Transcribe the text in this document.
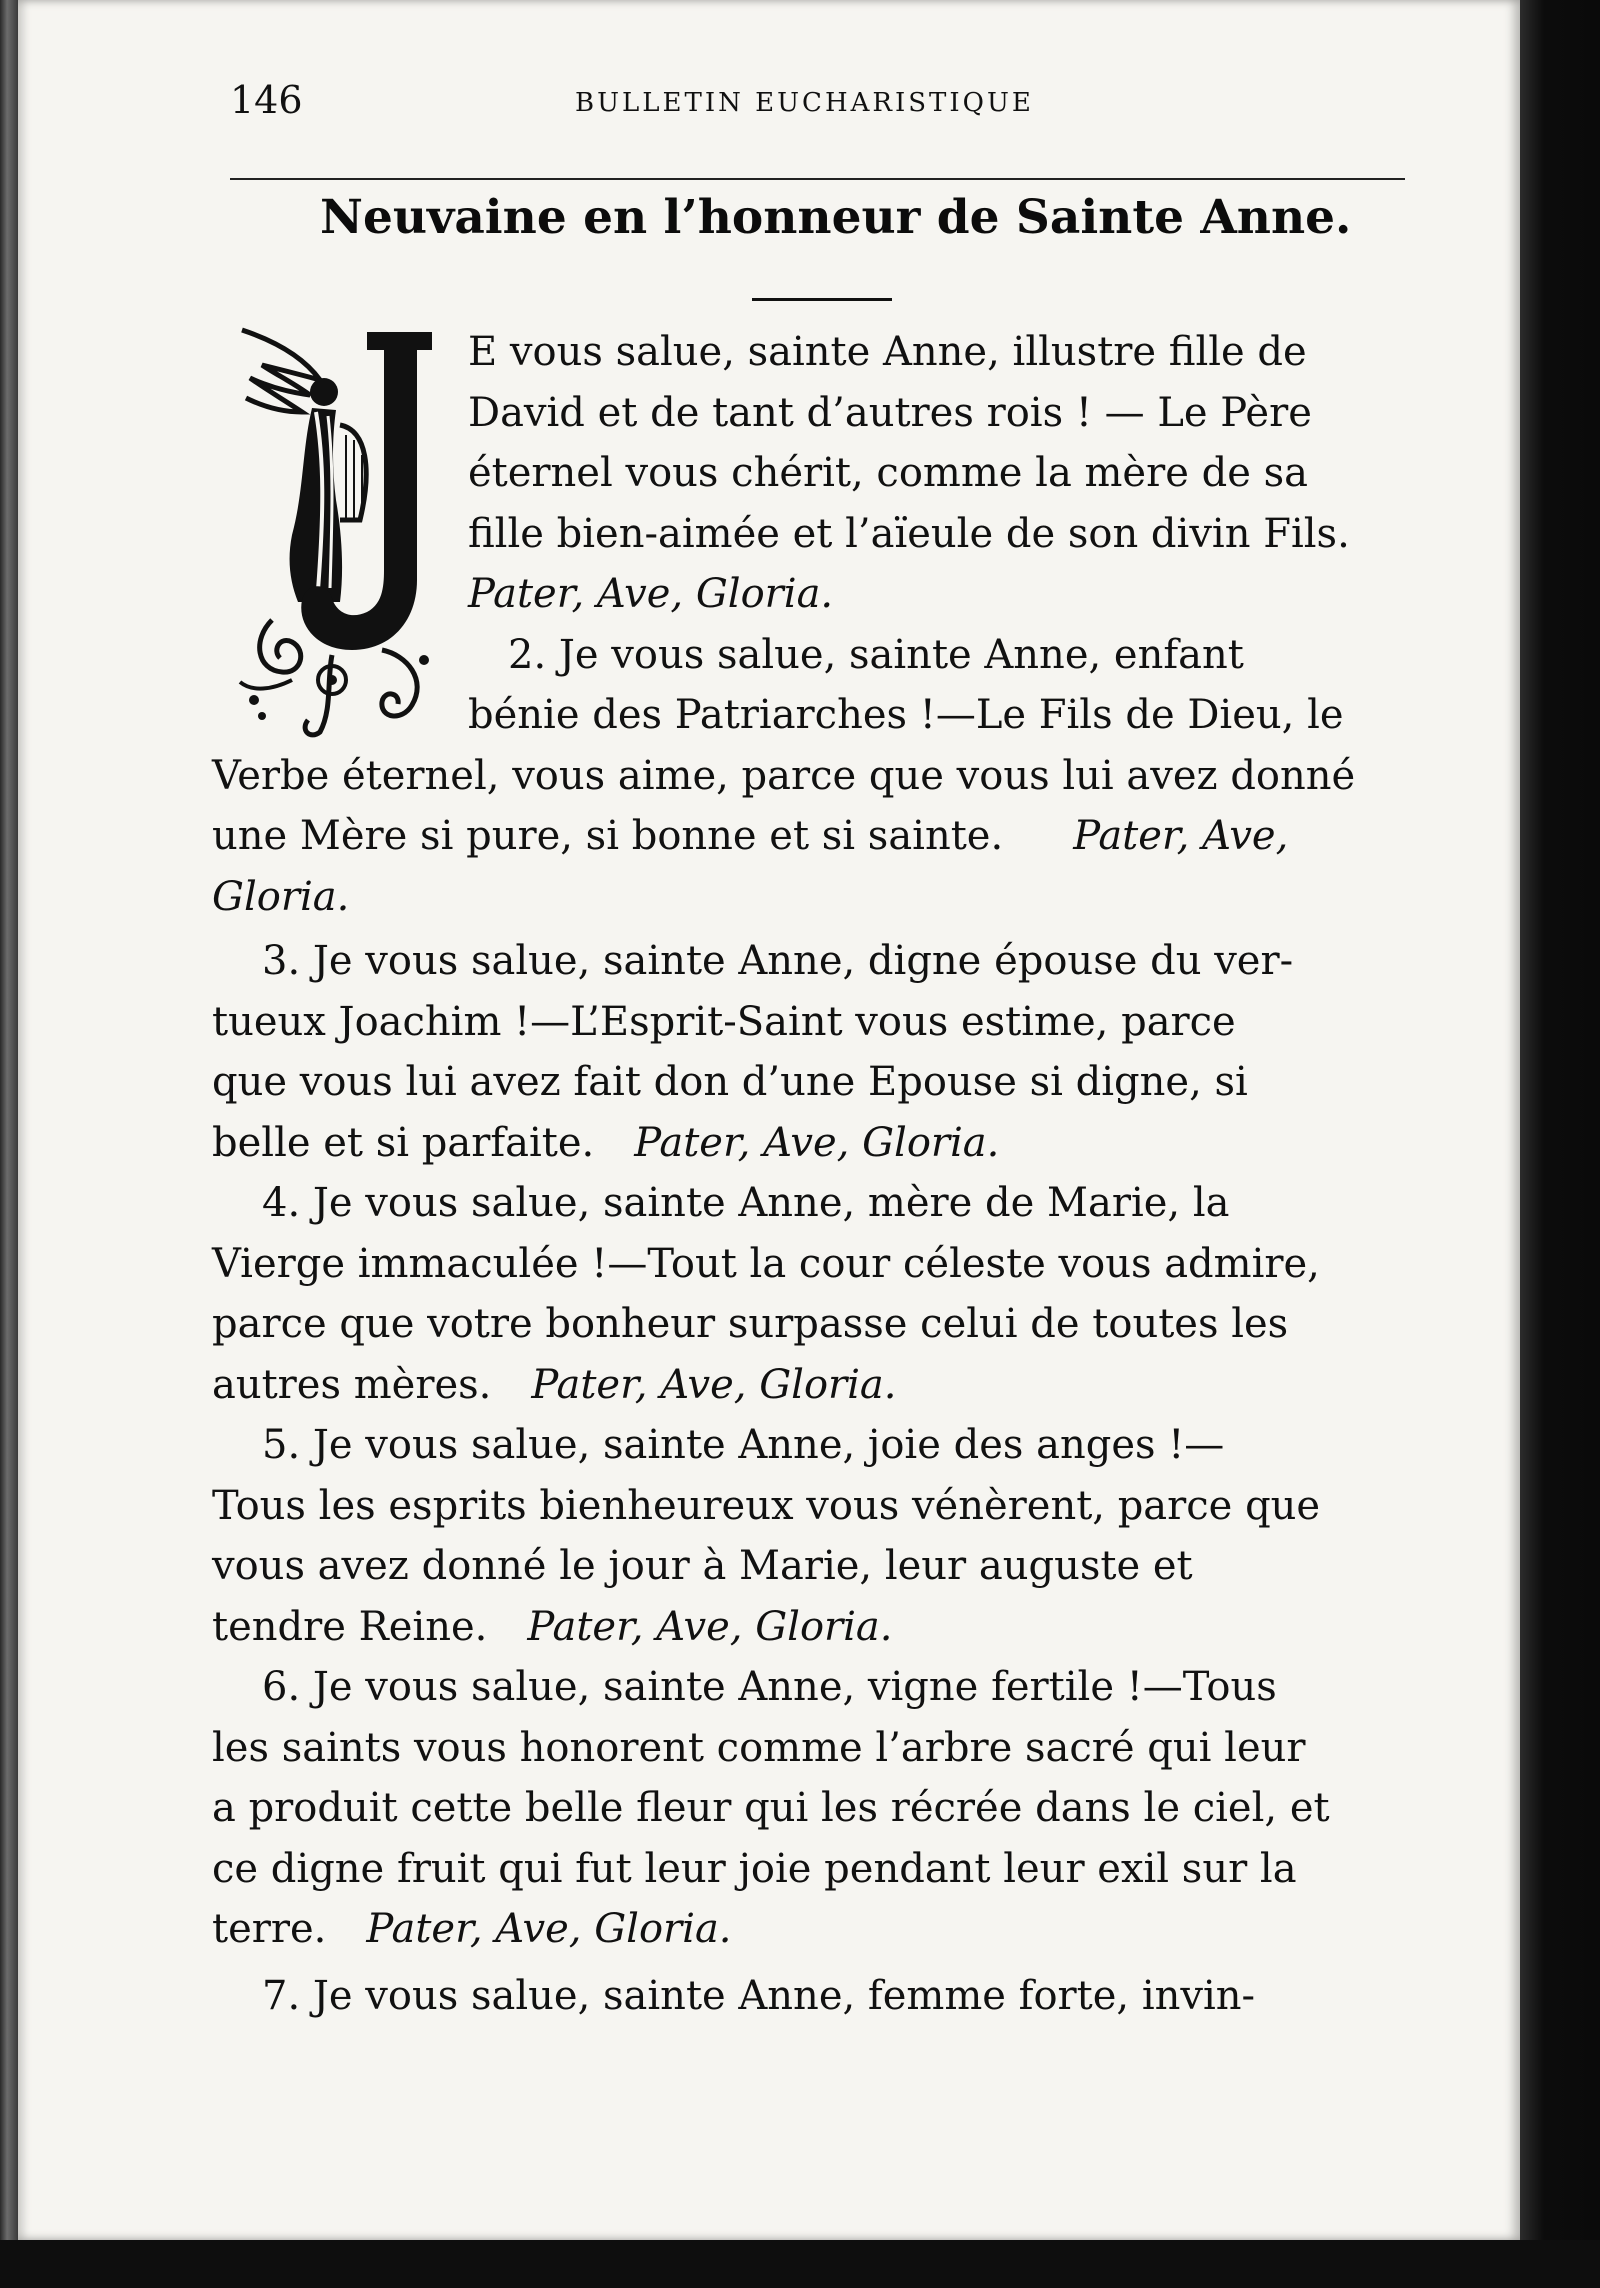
146	BULLETIN EUCHARISTIQUE
Neuvaine en l’honneur de Sainte Anne.
E vous salue, sainte Anne, illustre fille de
David et de tant d’autres rois ! — Le Père
éternel vous chérit, comme la mère de sa
fille bien-aimée et l’aïeule de son divin Fils.
Pater, Ave, Gloria.
2. Je vous salue, sainte Anne, enfant
bénie des Patriarches !—Le Fils de Dieu, le
Verbe éternel, vous aime, parce que vous lui avez donné
une Mère si pure, si bonne et si sainte. Pater, Ave,
Gloria.
3. Je vous salue, sainte Anne, digne épouse du ver-
tueux Joachim !—L’Esprit-Saint vous estime, parce
que vous lui avez fait don d’une Epouse si digne, si
belle et si parfaite. Pater, Ave, Gloria.
4. Je vous salue, sainte Anne, mère de Marie, la
Vierge immaculée !—Tout la cour céleste vous admire,
parce que votre bonheur surpasse celui de toutes les
autres mères. Pater, Ave, Gloria.
5. Je vous salue, sainte Anne, joie des anges !—
Tous les esprits bienheureux vous vénèrent, parce que
vous avez donné le jour à Marie, leur auguste et
tendre Reine. Pater, Ave, Gloria.
6. Je vous salue, sainte Anne, vigne fertile !—Tous
les saints vous honorent comme l’arbre sacré qui leur
a produit cette belle fleur qui les récrée dans le ciel, et
ce digne fruit qui fut leur joie pendant leur exil sur la
terre. Pater, Ave, Gloria.
7. Je vous salue, sainte Anne, femme forte, invin-
